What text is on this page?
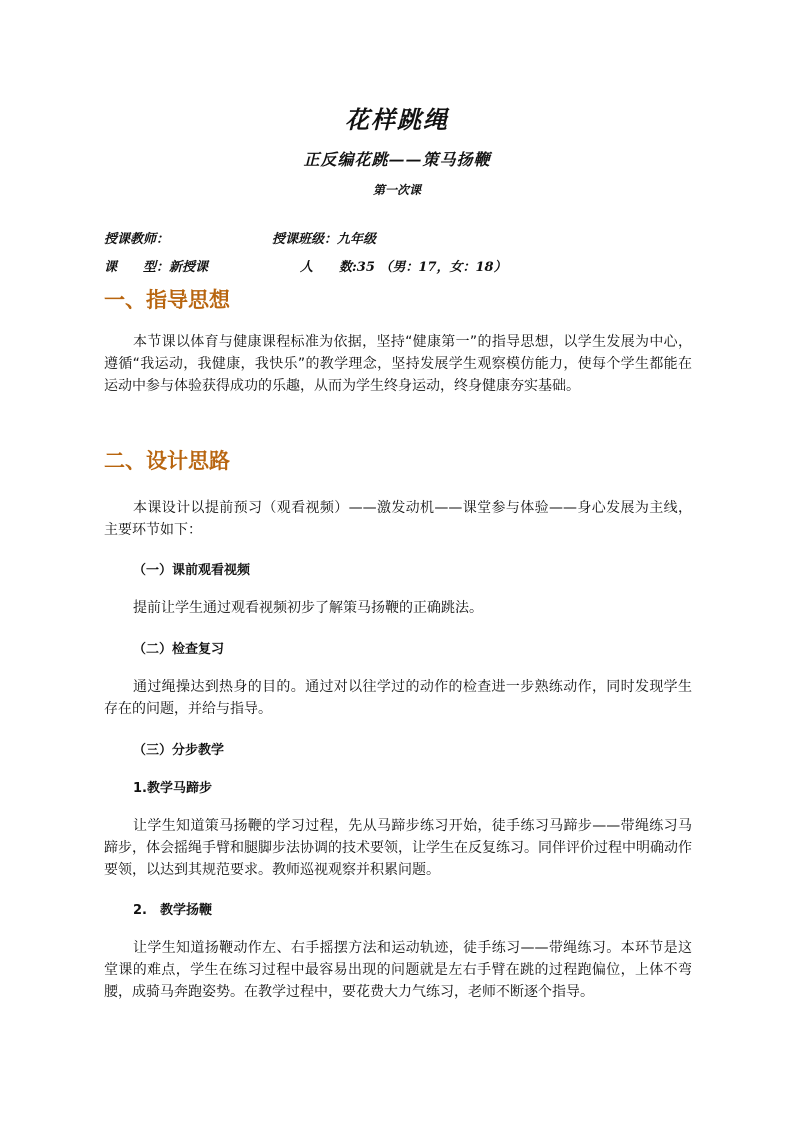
花样跳绳
正反编花跳——策马扬鞭
第一次课
授课教师：	授课班级：九年级
课　　型：新授课	人　　数:35 （男：17，女：18）
一、指导思想

本节课以体育与健康课程标准为依据，坚持“健康第一”的指导思想，以学生发展为中心，遵循“我运动，我健康，我快乐”的教学理念，坚持发展学生观察模仿能力，使每个学生都能在运动中参与体验获得成功的乐趣，从而为学生终身运动，终身健康夯实基础。

二、设计思路

本课设计以提前预习（观看视频）——激发动机——课堂参与体验——身心发展为主线，主要环节如下：

（一）课前观看视频

提前让学生通过观看视频初步了解策马扬鞭的正确跳法。

（二）检查复习

通过绳操达到热身的目的。通过对以往学过的动作的检查进一步熟练动作，同时发现学生存在的问题，并给与指导。

（三）分步教学
1.教学马蹄步

让学生知道策马扬鞭的学习过程，先从马蹄步练习开始，徒手练习马蹄步——带绳练习马蹄步，体会摇绳手臂和腿脚步法协调的技术要领，让学生在反复练习。同伴评价过程中明确动作要领，以达到其规范要求。教师巡视观察并积累问题。

2.　教学扬鞭

让学生知道扬鞭动作左、右手摇摆方法和运动轨迹，徒手练习——带绳练习。本环节是这堂课的难点，学生在练习过程中最容易出现的问题就是左右手臂在跳的过程跑偏位，上体不弯腰，成骑马奔跑姿势。在教学过程中，要花费大力气练习，老师不断逐个指导。
